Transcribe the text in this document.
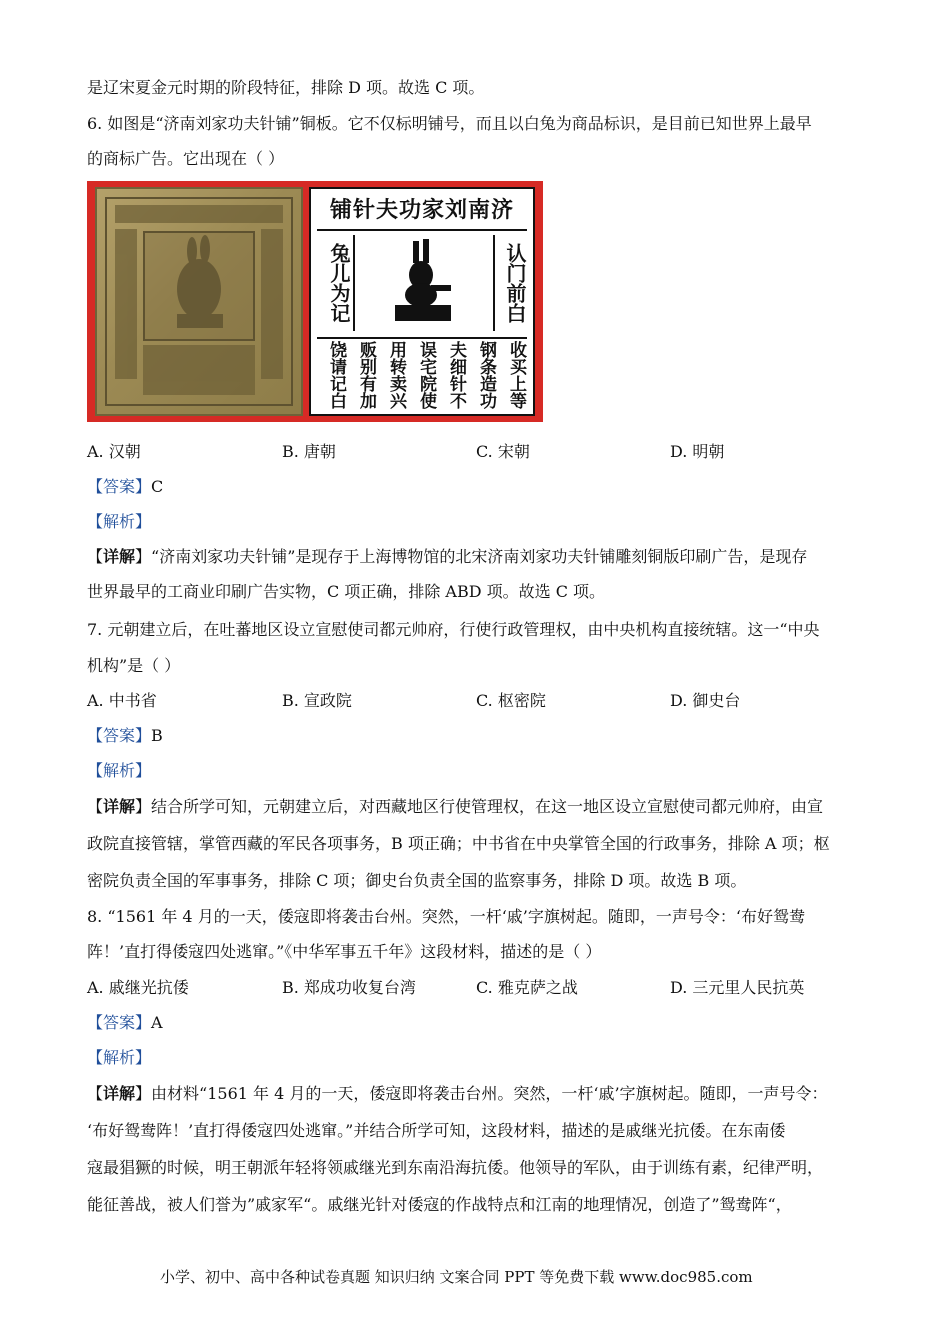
是辽宋夏金元时期的阶段特征，排除 D 项。故选 C 项。
6. 如图是“济南刘家功夫针铺”铜板。它不仅标明铺号，而且以白兔为商品标识，是目前已知世界上最早
的商标广告。它出现在（ ）
铺针夫功家刘南济
兔儿为记	认门前白
收买上等
钢条造功
夫细针不
误宅院使
用转卖兴
贩别有加
饶请记白
A. 汉朝	B. 唐朝	C. 宋朝	D. 明朝
【答案】C
【解析】
【详解】“济南刘家功夫针铺”是现存于上海博物馆的北宋济南刘家功夫针铺雕刻铜版印刷广告，是现存
世界最早的工商业印刷广告实物，C 项正确，排除 ABD 项。故选 C 项。
7. 元朝建立后，在吐蕃地区设立宣慰使司都元帅府，行使行政管理权，由中央机构直接统辖。这一“中央
机构”是（ ）
A. 中书省	B. 宣政院	C. 枢密院	D. 御史台
【答案】B
【解析】
【详解】结合所学可知，元朝建立后，对西藏地区行使管理权，在这一地区设立宣慰使司都元帅府，由宣
政院直接管辖，掌管西藏的军民各项事务，B 项正确；中书省在中央掌管全国的行政事务，排除 A 项；枢
密院负责全国的军事事务，排除 C 项；御史台负责全国的监察事务，排除 D 项。故选 B 项。
8. “1561 年 4 月的一天，倭寇即将袭击台州。突然，一杆‘戚’字旗树起。随即，一声号令：‘布好鸳鸯
阵！’直打得倭寇四处逃窜。”《中华军事五千年》这段材料，描述的是（ ）
A. 戚继光抗倭	B. 郑成功收复台湾	C. 雅克萨之战	D. 三元里人民抗英
【答案】A
【解析】
【详解】由材料“1561 年 4 月的一天，倭寇即将袭击台州。突然，一杆‘戚’字旗树起。随即，一声号令：
‘布好鸳鸯阵！’直打得倭寇四处逃窜。”并结合所学可知，这段材料，描述的是戚继光抗倭。在东南倭
寇最猖獗的时候，明王朝派年轻将领戚继光到东南沿海抗倭。他领导的军队，由于训练有素，纪律严明，
能征善战，被人们誉为”戚家军“。戚继光针对倭寇的作战特点和江南的地理情况，创造了”鸳鸯阵“，
小学、初中、高中各种试卷真题 知识归纳 文案合同 PPT 等免费下载 www.doc985.com
